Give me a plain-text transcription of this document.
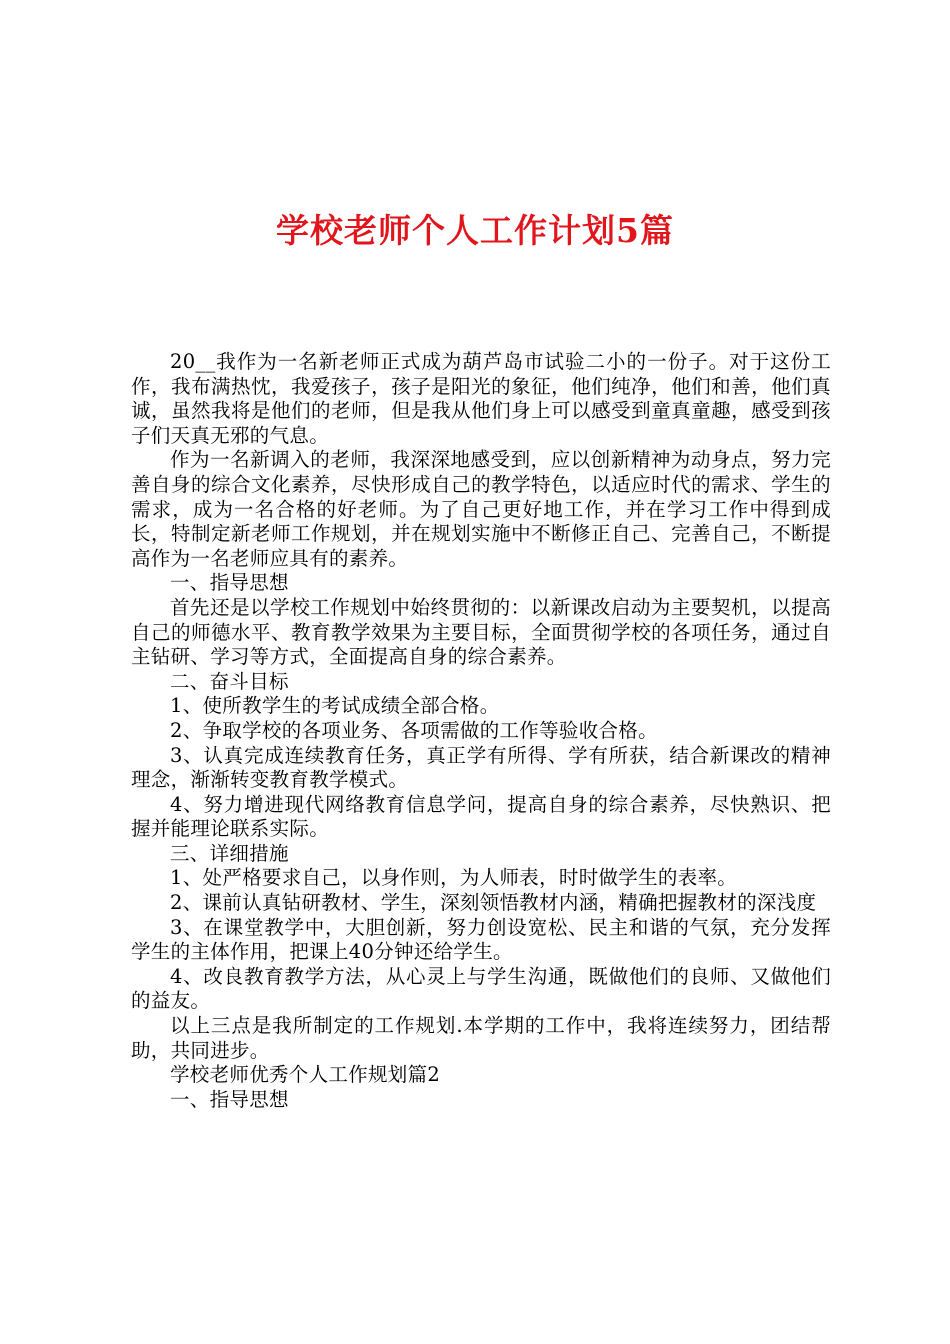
学校老师个人工作计划5篇

20__我作为一名新老师正式成为葫芦岛市试验二小的一份子。对于这份工作，我布满热忱，我爱孩子，孩子是阳光的象征，他们纯净，他们和善，他们真诚，虽然我将是他们的老师，但是我从他们身上可以感受到童真童趣，感受到孩子们天真无邪的气息。

作为一名新调入的老师，我深深地感受到，应以创新精神为动身点，努力完善自身的综合文化素养，尽快形成自己的教学特色，以适应时代的需求、学生的需求，成为一名合格的好老师。为了自己更好地工作，并在学习工作中得到成长，特制定新老师工作规划，并在规划实施中不断修正自己、完善自己，不断提高作为一名老师应具有的素养。

一、指导思想

首先还是以学校工作规划中始终贯彻的：以新课改启动为主要契机，以提高自己的师德水平、教育教学效果为主要目标，全面贯彻学校的各项任务，通过自主钻研、学习等方式，全面提高自身的综合素养。

二、奋斗目标

1、使所教学生的考试成绩全部合格。

2、争取学校的各项业务、各项需做的工作等验收合格。

3、认真完成连续教育任务，真正学有所得、学有所获，结合新课改的精神理念，渐渐转变教育教学模式。

4、努力增进现代网络教育信息学问，提高自身的综合素养，尽快熟识、把握并能理论联系实际。

三、详细措施

1、处严格要求自己，以身作则，为人师表，时时做学生的表率。

2、课前认真钻研教材、学生，深刻领悟教材内涵，精确把握教材的深浅度

3、在课堂教学中，大胆创新，努力创设宽松、民主和谐的气氛，充分发挥学生的主体作用，把课上40分钟还给学生。

4、改良教育教学方法，从心灵上与学生沟通，既做他们的良师、又做他们的益友。

以上三点是我所制定的工作规划.本学期的工作中，我将连续努力，团结帮助，共同进步。

学校老师优秀个人工作规划篇2

一、指导思想
